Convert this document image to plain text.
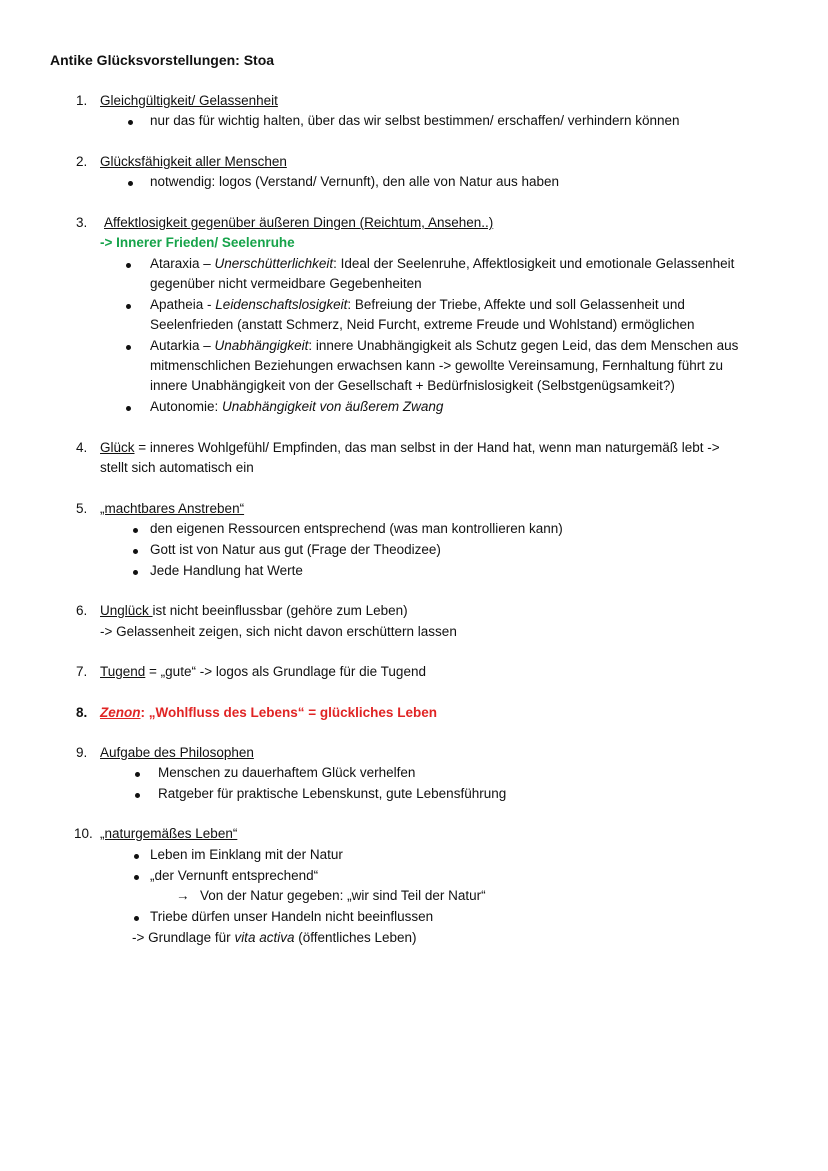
Antike Glücksvorstellungen: Stoa
1. Gleichgültigkeit/ Gelassenheit
nur das für wichtig halten, über das wir selbst bestimmen/ erschaffen/ verhindern können
2. Glücksfähigkeit aller Menschen
notwendig: logos (Verstand/ Vernunft), den alle von Natur aus haben
3. Affektlosigkeit gegenüber äußeren Dingen (Reichtum, Ansehen..)
-> Innerer Frieden/ Seelenruhe
Ataraxia – Unerschütterlichkeit: Ideal der Seelenruhe, Affektlosigkeit und emotionale Gelassenheit
gegenüber nicht vermeidbare Gegebenheiten
Apatheia - Leidenschaftslosigkeit: Befreiung der Triebe, Affekte und soll Gelassenheit und
Seelenfrieden (anstatt Schmerz, Neid Furcht, extreme Freude und Wohlstand) ermöglichen
Autarkia – Unabhängigkeit: innere Unabhängigkeit als Schutz gegen Leid, das dem Menschen aus
mitmenschlichen Beziehungen erwachsen kann -> gewollte Vereinsamung, Fernhaltung führt zu
innere Unabhängigkeit von der Gesellschaft + Bedürfnislosigkeit (Selbstgenügsamkeit?)
Autonomie: Unabhängigkeit von äußerem Zwang
4. Glück = inneres Wohlgefühl/ Empfinden, das man selbst in der Hand hat, wenn man naturgemäß lebt ->
stellt sich automatisch ein
5. „machtbares Anstreben“
den eigenen Ressourcen entsprechend (was man kontrollieren kann)
Gott ist von Natur aus gut (Frage der Theodizee)
Jede Handlung hat Werte
6. Unglück ist nicht beeinflussbar (gehöre zum Leben)
-> Gelassenheit zeigen, sich nicht davon erschüttern lassen
7. Tugend = „gute“ -> logos als Grundlage für die Tugend
8. Zenon: „Wohlfluss des Lebens“ = glückliches Leben
9. Aufgabe des Philosophen
Menschen zu dauerhaftem Glück verhelfen
Ratgeber für praktische Lebenskunst, gute Lebensführung
10. „naturgemäßes Leben“
Leben im Einklang mit der Natur
„der Vernunft entsprechend“
→ Von der Natur gegeben: „wir sind Teil der Natur“
Triebe dürfen unser Handeln nicht beeinflussen
-> Grundlage für vita activa (öffentliches Leben)
